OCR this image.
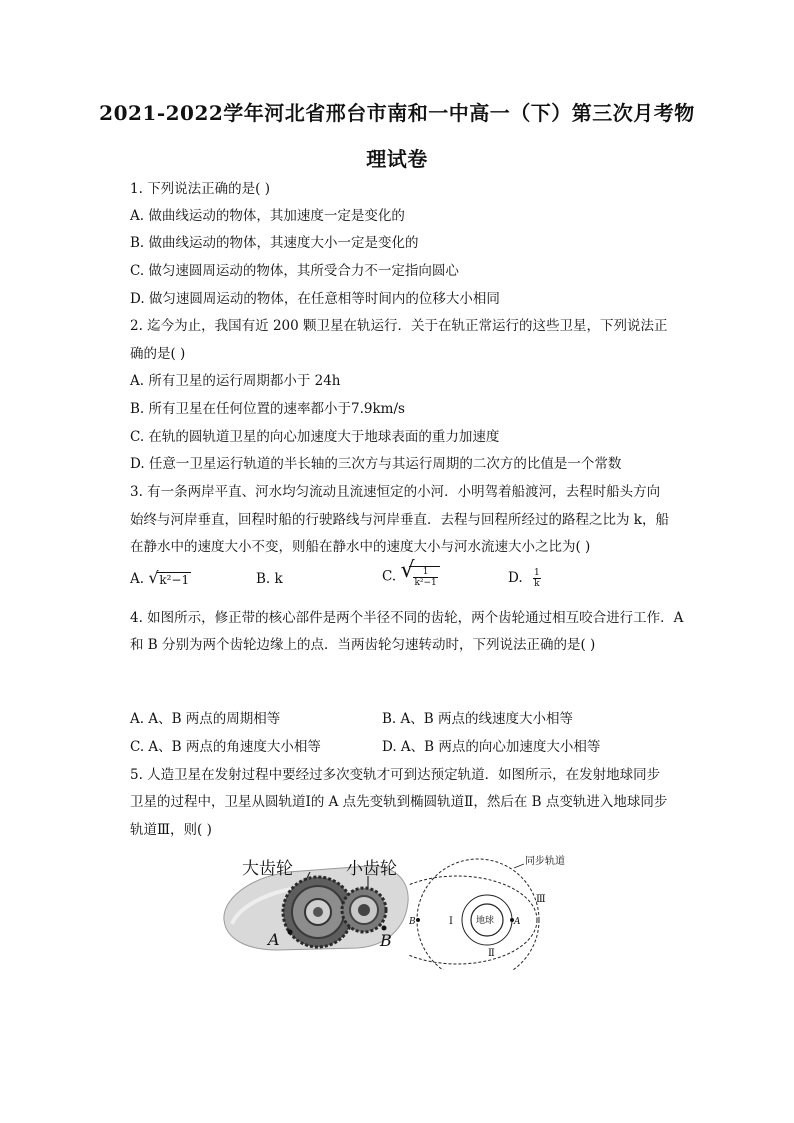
2021-2022学年河北省邢台市南和一中高一（下）第三次月考物
理试卷
1. 下列说法正确的是( )
A. 做曲线运动的物体，其加速度一定是变化的
B. 做曲线运动的物体，其速度大小一定是变化的
C. 做匀速圆周运动的物体，其所受合力不一定指向圆心
D. 做匀速圆周运动的物体，在任意相等时间内的位移大小相同
2. 迄今为止，我国有近 200 颗卫星在轨运行．关于在轨正常运行的这些卫星，下列说法正
确的是( )
A. 所有卫星的运行周期都小于 24h
B. 所有卫星在任何位置的速率都小于7.9km/s
C. 在轨的圆轨道卫星的向心加速度大于地球表面的重力加速度
D. 任意一卫星运行轨道的半长轴的三次方与其运行周期的二次方的比值是一个常数
3. 有一条两岸平直、河水均匀流动且流速恒定的小河．小明驾着船渡河，去程时船头方向
始终与河岸垂直，回程时船的行驶路线与河岸垂直．去程与回程所经过的路程之比为 k，船
在静水中的速度大小不变，则船在静水中的速度大小与河水流速大小之比为( )
A. √ k²−1	B. k	C. √
$\frac{1}{\text{k²−1}}$	D. $\frac{1}{k}$
4. 如图所示，修正带的核心部件是两个半径不同的齿轮，两个齿轮通过相互咬合进行工作．A
和 B 分别为两个齿轮边缘上的点．当两齿轮匀速转动时，下列说法正确的是( )
A. A、B 两点的周期相等	B. A、B 两点的线速度大小相等
C. A、B 两点的角速度大小相等	D. A、B 两点的向心加速度大小相等
5. 人造卫星在发射过程中要经过多次变轨才可到达预定轨道．如图所示，在发射地球同步
卫星的过程中，卫星从圆轨道Ⅰ的 A 点先变轨到椭圆轨道Ⅱ，然后在 B 点变轨进入地球同步
轨道Ⅲ，则( )
大齿轮	小齿轮
A	B
同步轨道
地球
Ⅰ
Ⅱ
Ⅲ
A
B
